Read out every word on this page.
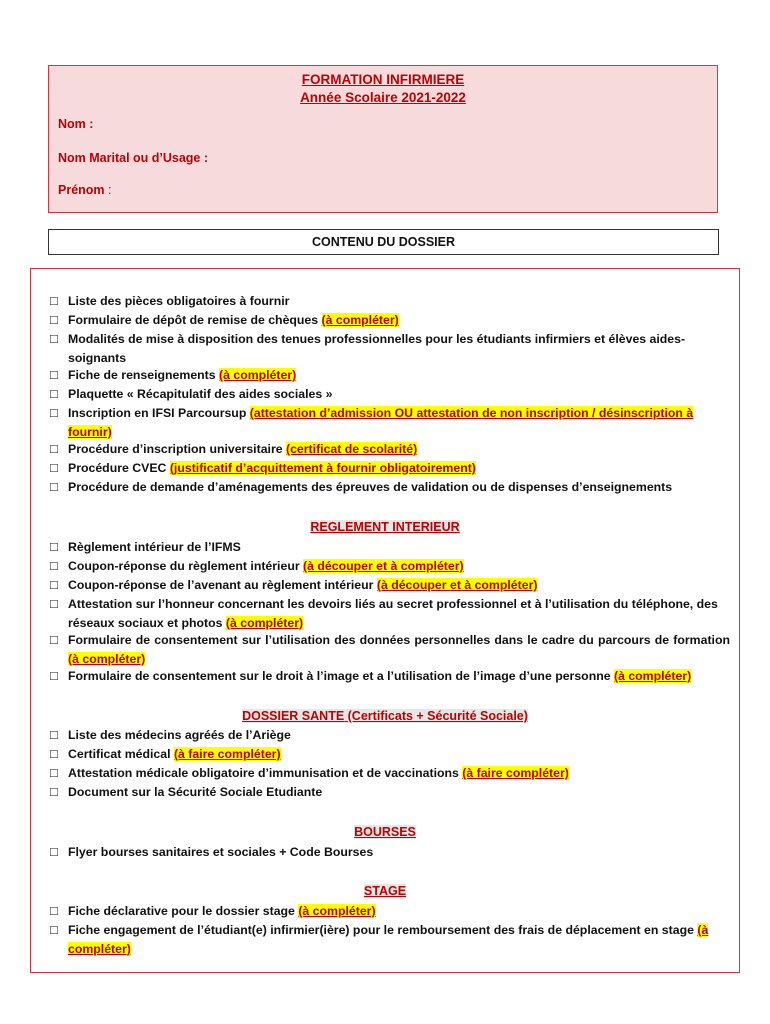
FORMATION INFIRMIERE
Année Scolaire 2021-2022
Nom :
Nom Marital ou d’Usage :
Prénom :
CONTENU DU DOSSIER
□ Liste des pièces obligatoires à fournir
□ Formulaire de dépôt de remise de chèques (à compléter)
□ Modalités de mise à disposition des tenues professionnelles pour les étudiants infirmiers et élèves aides-soignants
□ Fiche de renseignements (à compléter)
□ Plaquette « Récapitulatif des aides sociales »
□ Inscription en IFSI Parcoursup (attestation d’admission OU attestation de non inscription / désinscription à fournir)
□ Procédure d’inscription universitaire (certificat de scolarité)
□ Procédure CVEC (justificatif d’acquittement à fournir obligatoirement)
□ Procédure de demande d’aménagements des épreuves de validation ou de dispenses d’enseignements
REGLEMENT INTERIEUR
□ Règlement intérieur de l’IFMS
□ Coupon-réponse du règlement intérieur (à découper et à compléter)
□ Coupon-réponse de l’avenant au règlement intérieur (à découper et à compléter)
□ Attestation sur l’honneur concernant les devoirs liés au secret professionnel et à l’utilisation du téléphone, des réseaux sociaux et photos (à compléter)
□ Formulaire de consentement sur l’utilisation des données personnelles dans le cadre du parcours de formation (à compléter)
□ Formulaire de consentement sur le droit à l’image et a l’utilisation de l’image d’une personne (à compléter)
DOSSIER SANTE (Certificats + Sécurité Sociale)
□ Liste des médecins agréés de l’Ariège
□ Certificat médical (à faire compléter)
□ Attestation médicale obligatoire d’immunisation et de vaccinations (à faire compléter)
□ Document sur la Sécurité Sociale Etudiante
BOURSES
□ Flyer bourses sanitaires et sociales + Code Bourses
STAGE
□ Fiche déclarative pour le dossier stage (à compléter)
□ Fiche engagement de l’étudiant(e) infirmier(ière) pour le remboursement des frais de déplacement en stage (à compléter)
